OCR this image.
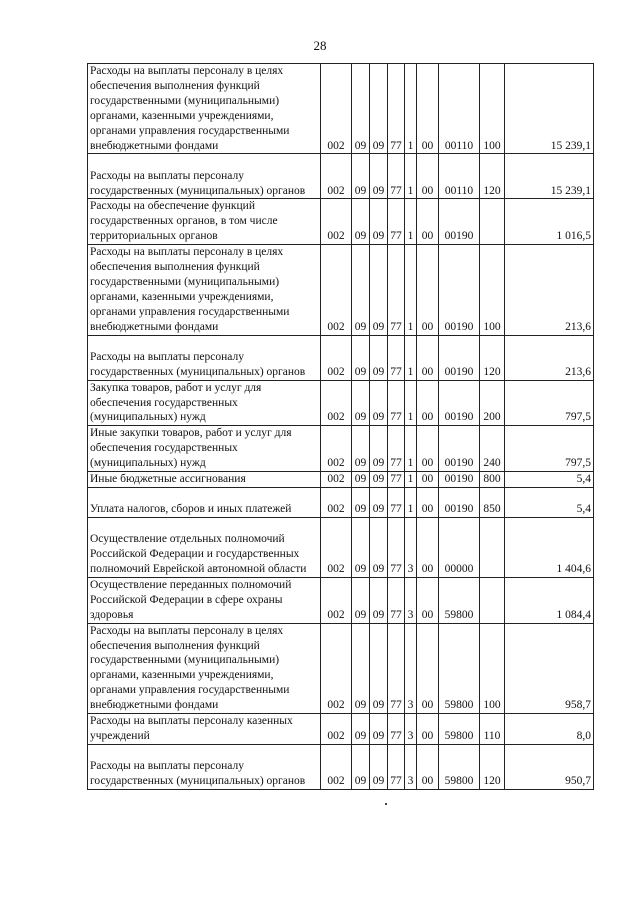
28
Расходы на выплаты персоналу в целях обеспечения выполнения функций государственными (муниципальными) органами, казенными учреждениями, органами управления государственными внебюджетными фондами	002	09	09	77	1	00	00110	100	15 239,1
Расходы на выплаты персоналу государственных (муниципальных) органов	002	09	09	77	1	00	00110	120	15 239,1
Расходы на обеспечение функций государственных органов, в том числе территориальных органов	002	09	09	77	1	00	00190		1 016,5
Расходы на выплаты персоналу в целях обеспечения выполнения функций государственными (муниципальными) органами, казенными учреждениями, органами управления государственными внебюджетными фондами	002	09	09	77	1	00	00190	100	213,6
Расходы на выплаты персоналу государственных (муниципальных) органов	002	09	09	77	1	00	00190	120	213,6
Закупка товаров, работ и услуг для обеспечения государственных (муниципальных) нужд	002	09	09	77	1	00	00190	200	797,5
Иные закупки товаров, работ и услуг для обеспечения государственных (муниципальных) нужд	002	09	09	77	1	00	00190	240	797,5
Иные бюджетные ассигнования	002	09	09	77	1	00	00190	800	5,4
Уплата налогов, сборов и иных платежей	002	09	09	77	1	00	00190	850	5,4
Осуществление отдельных полномочий Российской Федерации и государственных полномочий Еврейской автономной области	002	09	09	77	3	00	00000		1 404,6
Осуществление переданных полномочий Российской Федерации в сфере охраны здоровья	002	09	09	77	3	00	59800		1 084,4
Расходы на выплаты персоналу в целях обеспечения выполнения функций государственными (муниципальными) органами, казенными учреждениями, органами управления государственными внебюджетными фондами	002	09	09	77	3	00	59800	100	958,7
Расходы на выплаты персоналу казенных учреждений	002	09	09	77	3	00	59800	110	8,0
Расходы на выплаты персоналу государственных (муниципальных) органов	002	09	09	77	3	00	59800	120	950,7
